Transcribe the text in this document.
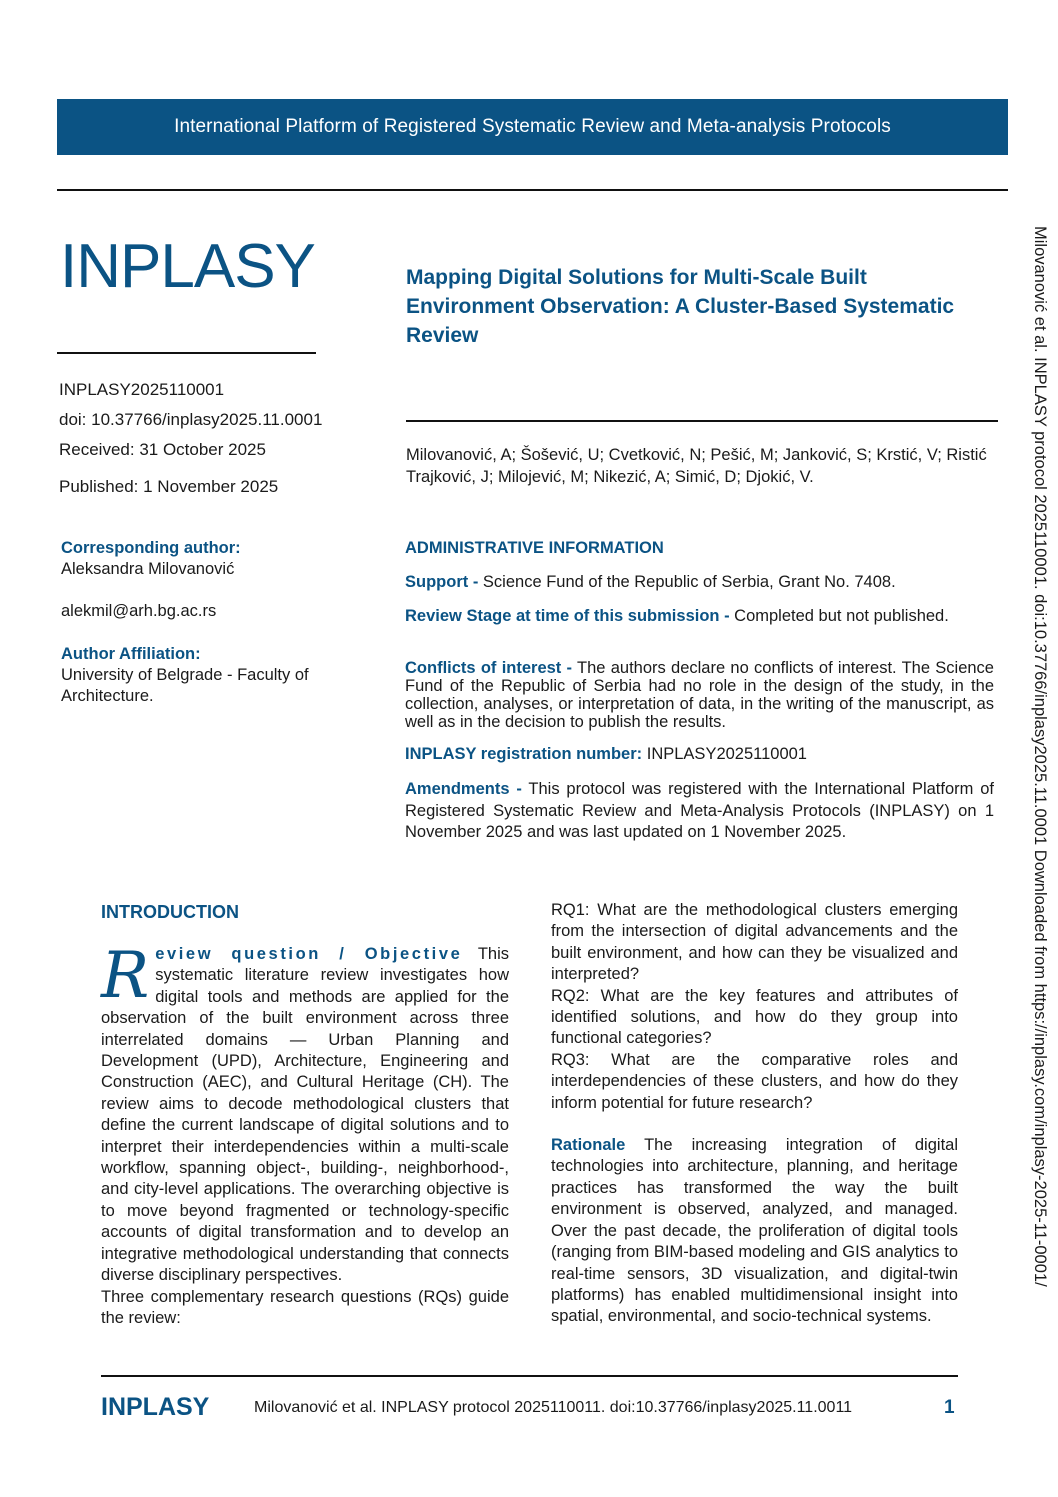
International Platform of Registered Systematic Review and Meta-analysis Protocols
INPLASY	Mapping Digital Solutions for Multi-Scale Built Environment Observation: A Cluster-Based Systematic Review
INPLASY2025110001
doi: 10.37766/inplasy2025.11.0001
Received: 31 October 2025
Published: 1 November 2025
Milovanović, A; Šošević, U; Cvetković, N; Pešić, M; Janković, S; Krstić, V; Ristić Trajković, J; Milojević, M; Nikezić, A; Simić, D; Djokić, V.
Corresponding author:
Aleksandra Milovanović
alekmil@arh.bg.ac.rs
Author Affiliation:
University of Belgrade - Faculty of Architecture.
ADMINISTRATIVE INFORMATION
Support - Science Fund of the Republic of Serbia, Grant No. 7408.
Review Stage at time of this submission - Completed but not published.
Conflicts of interest - The authors declare no conflicts of interest. The Science Fund of the Republic of Serbia had no role in the design of the study, in the collection, analyses, or interpretation of data, in the writing of the manuscript, as well as in the decision to publish the results.
INPLASY registration number: INPLASY2025110001
Amendments - This protocol was registered with the International Platform of Registered Systematic Review and Meta-Analysis Protocols (INPLASY) on 1 November 2025 and was last updated on 1 November 2025.
INTRODUCTION
R eview question / Objective This systematic literature review investigates how digital tools and methods are applied for the observation of the built environment across three interrelated domains — Urban Planning and Development (UPD), Architecture, Engineering and Construction (AEC), and Cultural Heritage (CH). The review aims to decode methodological clusters that define the current landscape of digital solutions and to interpret their interdependencies within a multi-scale workflow, spanning object-, building-, neighborhood-, and city-level applications. The overarching objective is to move beyond fragmented or technology-specific accounts of digital transformation and to develop an integrative methodological understanding that connects diverse disciplinary perspectives.
Three complementary research questions (RQs) guide the review:

RQ1: What are the methodological clusters emerging from the intersection of digital advancements and the built environment, and how can they be visualized and interpreted?

RQ2: What are the key features and attributes of identified solutions, and how do they group into functional categories?

RQ3: What are the comparative roles and interdependencies of these clusters, and how do they inform potential for future research?

Rationale The increasing integration of digital technologies into architecture, planning, and heritage practices has transformed the way the built environment is observed, analyzed, and managed. Over the past decade, the proliferation of digital tools (ranging from BIM-based modeling and GIS analytics to real-time sensors, 3D visualization, and digital-twin platforms) has enabled multidimensional insight into spatial, environmental, and socio-technical systems.

INPLASY	Milovanović et al. INPLASY protocol 2025110011. doi:10.37766/inplasy2025.11.0011	1
Milovanović et al. INPLASY protocol 2025110001. doi:10.37766/inplasy2025.11.0001 Downloaded from https://inplasy.com/inplasy-2025-11-0001/
